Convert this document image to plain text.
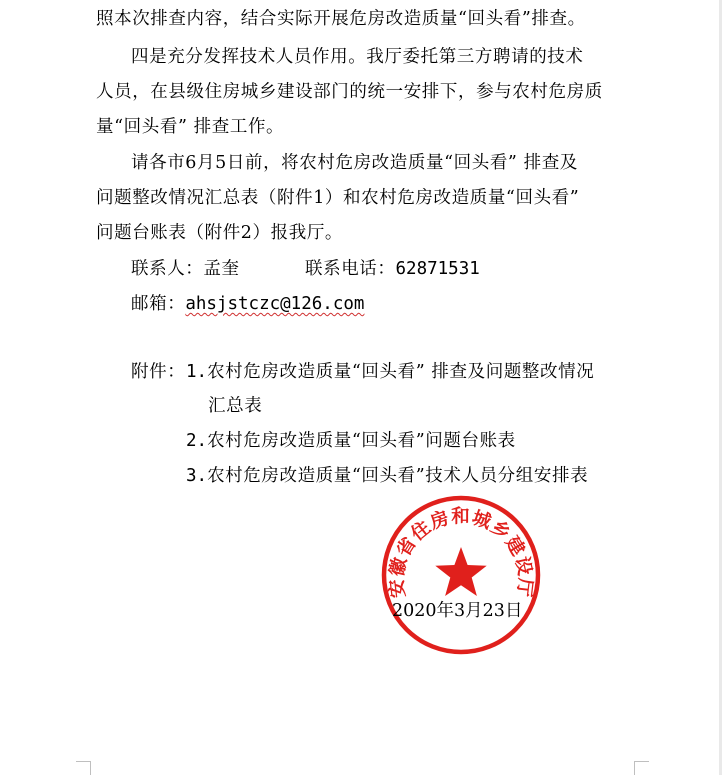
照本次排查内容，结合实际开展危房改造质量“回头看”排查。
四是充分发挥技术人员作用。我厅委托第三方聘请的技术
人员，在县级住房城乡建设部门的统一安排下，参与农村危房质
量“回头看” 排查工作。
请各市6月5日前，将农村危房改造质量“回头看” 排查及
问题整改情况汇总表（附件1）和农村危房改造质量“回头看”
问题台账表（附件2）报我厅。
联系人：孟奎	联系电话：62871531
邮箱：ahsjstczc@126.com
附件： 1.农村危房改造质量“回头看” 排查及问题整改情况
汇总表
2.农村危房改造质量“回头看”问题台账表
3.农村危房改造质量“回头看”技术人员分组安排表
安徽省住房和城乡建设厅
2020年3月23日
